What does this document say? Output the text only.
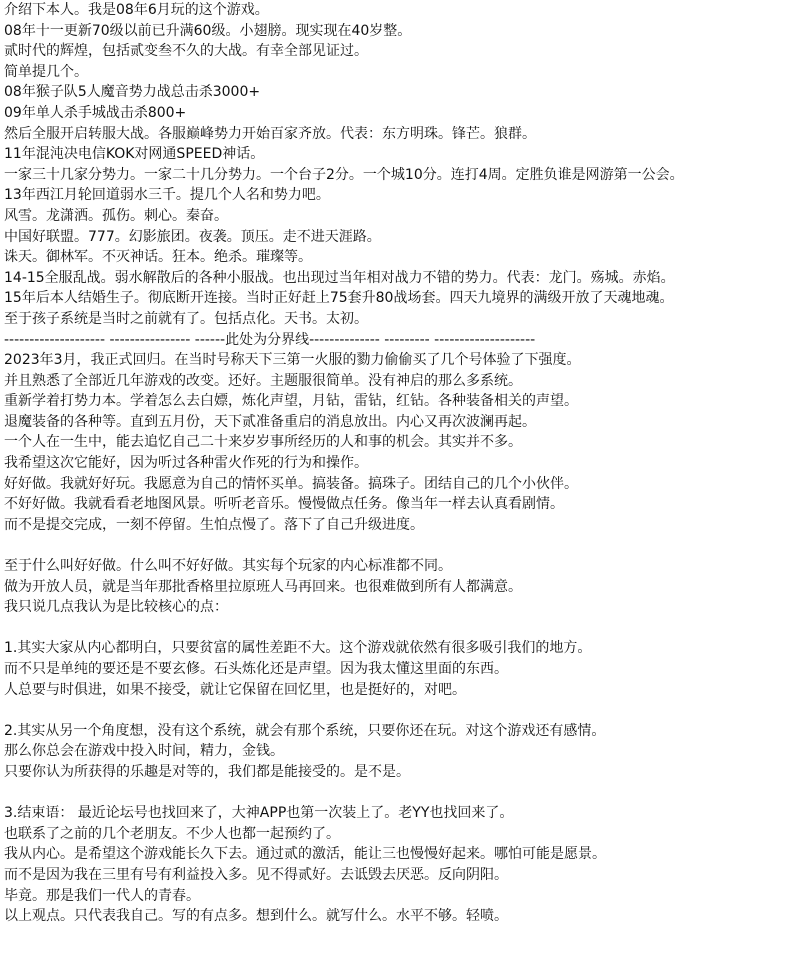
介绍下本人。我是08年6月玩的这个游戏。
08年十一更新70级以前已升满60级。小翅膀。现实现在40岁整。
贰时代的辉煌，包括贰变叁不久的大战。有幸全部见证过。
简单提几个。
08年猴子队5人魔音势力战总击杀3000+
09年单人杀手城战击杀800+
然后全服开启转服大战。各服巅峰势力开始百家齐放。代表：东方明珠。锋芒。狼群。
11年混沌决电信KOK对网通SPEED神话。
一家三十几家分势力。一家二十几分势力。一个台子2分。一个城10分。连打4周。定胜负谁是网游第一公会。
13年西江月轮回道弱水三千。提几个人名和势力吧。
风雪。龙潇洒。孤伤。刺心。秦奋。
中国好联盟。777。幻影旅团。夜袭。顶压。走不进天涯路。
诛天。御林军。不灭神话。狂本。绝杀。璀璨等。
14-15全服乱战。弱水解散后的各种小服战。也出现过当年相对战力不错的势力。代表：龙门。殇城。赤焰。
15年后本人结婚生子。彻底断开连接。当时正好赶上75套升80战场套。四天九境界的满级开放了天魂地魂。
至于孩子系统是当时之前就有了。包括点化。天书。太初。
-------------------- ---------------- ------此处为分界线-------------- --------- --------------------
2023年3月，我正式回归。在当时号称天下三第一火服的勠力偷偷买了几个号体验了下强度。
并且熟悉了全部近几年游戏的改变。还好。主题服很简单。没有神启的那么多系统。
重新学着打势力本。学着怎么去白嫖，炼化声望，月钻，雷钻，红钻。各种装备相关的声望。
退魔装备的各种等。直到五月份，天下贰准备重启的消息放出。内心又再次波澜再起。
一个人在一生中，能去追忆自己二十来岁岁事所经历的人和事的机会。其实并不多。
我希望这次它能好，因为听过各种雷火作死的行为和操作。
好好做。我就好好玩。我愿意为自己的情怀买单。搞装备。搞珠子。团结自己的几个小伙伴。
不好好做。我就看看老地图风景。听听老音乐。慢慢做点任务。像当年一样去认真看剧情。
而不是提交完成，一刻不停留。生怕点慢了。落下了自己升级进度。
至于什么叫好好做。什么叫不好好做。其实每个玩家的内心标准都不同。
做为开放人员，就是当年那批香格里拉原班人马再回来。也很难做到所有人都满意。
我只说几点我认为是比较核心的点：
1.其实大家从内心都明白，只要贫富的属性差距不大。这个游戏就依然有很多吸引我们的地方。
而不只是单纯的要还是不要玄修。石头炼化还是声望。因为我太懂这里面的东西。
人总要与时俱进，如果不接受，就让它保留在回忆里，也是挺好的，对吧。
2.其实从另一个角度想，没有这个系统，就会有那个系统，只要你还在玩。对这个游戏还有感情。
那么你总会在游戏中投入时间，精力，金钱。
只要你认为所获得的乐趣是对等的，我们都是能接受的。是不是。
3.结束语： 最近论坛号也找回来了，大神APP也第一次装上了。老YY也找回来了。
也联系了之前的几个老朋友。不少人也都一起预约了。
我从内心。是希望这个游戏能长久下去。通过贰的激活，能让三也慢慢好起来。哪怕可能是愿景。
而不是因为我在三里有号有利益投入多。见不得贰好。去诋毁去厌恶。反向阴阳。
毕竟。那是我们一代人的青春。
以上观点。只代表我自己。写的有点多。想到什么。就写什么。水平不够。轻喷。
